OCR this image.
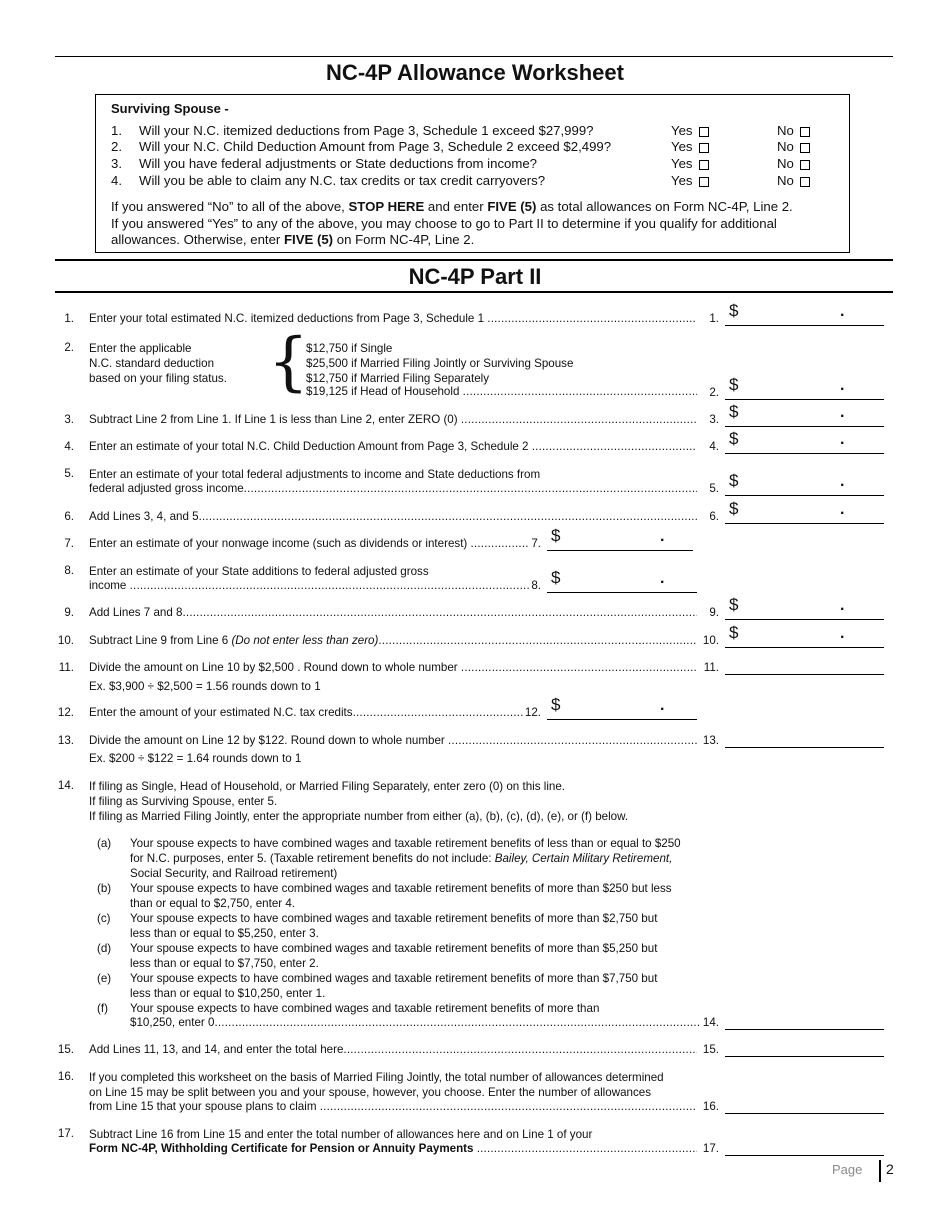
NC-4P Allowance Worksheet
Surviving Spouse -
1. Will your N.C. itemized deductions from Page 3, Schedule 1 exceed $27,999?	Yes	No
2. Will your N.C. Child Deduction Amount from Page 3, Schedule 2 exceed $2,499?	Yes	No
3. Will you have federal adjustments or State deductions from income?	Yes	No
4. Will you be able to claim any N.C. tax credits or tax credit carryovers?	Yes	No
If you answered “No” to all of the above, STOP HERE and enter FIVE (5) as total allowances on Form NC-4P, Line 2.
If you answered “Yes” to any of the above, you may choose to go to Part II to determine if you qualify for additional
allowances. Otherwise, enter FIVE (5) on Form NC-4P, Line 2.
NC-4P Part II
1. Enter your total estimated N.C. itemized deductions from Page 3, Schedule 1 .....	1. $	.
2. Enter the applicable
N.C. standard deduction
based on your filing status. {
$12,750 if Single
$25,500 if Married Filing Jointly or Surviving Spouse
$12,750 if Married Filing Separately
$19,125 if Head of Household .....	2. $	.
3. Subtract Line 2 from Line 1. If Line 1 is less than Line 2, enter ZERO (0) .....	3. $	.
4. Enter an estimate of your total N.C. Child Deduction Amount from Page 3, Schedule 2 .....	4. $	.
5. Enter an estimate of your total federal adjustments to income and State deductions from
federal adjusted gross income .....	5. $	.
6. Add Lines 3, 4, and 5 .....	6. $	.
7. Enter an estimate of your nonwage income (such as dividends or interest) .....	7. $	.
8. Enter an estimate of your State additions to federal adjusted gross
income .....	8. $	.
9. Add Lines 7 and 8 .....	9. $	.
10. Subtract Line 9 from Line 6 (Do not enter less than zero) .....	10. $	.
11. Divide the amount on Line 10 by $2,500 . Round down to whole number .....	11.
Ex. $3,900 ÷ $2,500 = 1.56 rounds down to 1
12. Enter the amount of your estimated N.C. tax credits .....	12. $	.
13. Divide the amount on Line 12 by $122. Round down to whole number .....	13.
Ex. $200 ÷ $122 = 1.64 rounds down to 1
14. If filing as Single, Head of Household, or Married Filing Separately, enter zero (0) on this line.
If filing as Surviving Spouse, enter 5.
If filing as Married Filing Jointly, enter the appropriate number from either (a), (b), (c), (d), (e), or (f) below.
(a) Your spouse expects to have combined wages and taxable retirement benefits of less than or equal to $250
for N.C. purposes, enter 5. (Taxable retirement benefits do not include: Bailey, Certain Military Retirement,
Social Security, and Railroad retirement)
(b) Your spouse expects to have combined wages and taxable retirement benefits of more than $250 but less
than or equal to $2,750, enter 4.
(c) Your spouse expects to have combined wages and taxable retirement benefits of more than $2,750 but
less than or equal to $5,250, enter 3.
(d) Your spouse expects to have combined wages and taxable retirement benefits of more than $5,250 but
less than or equal to $7,750, enter 2.
(e) Your spouse expects to have combined wages and taxable retirement benefits of more than $7,750 but
less than or equal to $10,250, enter 1.
(f) Your spouse expects to have combined wages and taxable retirement benefits of more than
$10,250, enter 0 .....	14.
15. Add Lines 11, 13, and 14, and enter the total here .....	15.
16. If you completed this worksheet on the basis of Married Filing Jointly, the total number of allowances determined
on Line 15 may be split between you and your spouse, however, you choose. Enter the number of allowances
from Line 15 that your spouse plans to claim .....	16.
17. Subtract Line 16 from Line 15 and enter the total number of allowances here and on Line 1 of your
Form NC-4P, Withholding Certificate for Pension or Annuity Payments .....	17.
Page 2
